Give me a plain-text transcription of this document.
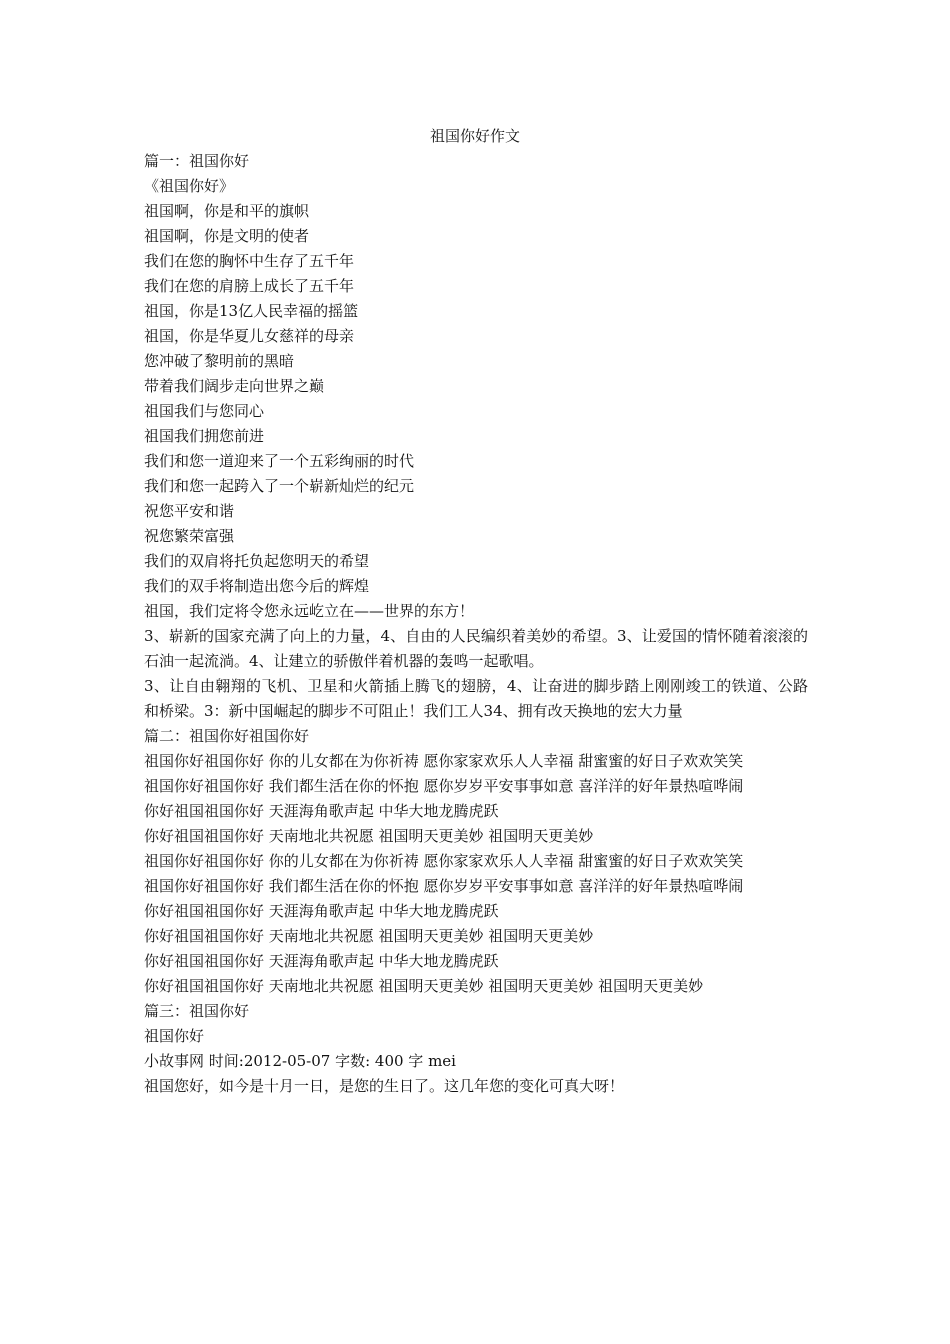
祖国你好作文

篇一：祖国你好

《祖国你好》

祖国啊，你是和平的旗帜

祖国啊，你是文明的使者

我们在您的胸怀中生存了五千年

我们在您的肩膀上成长了五千年

祖国，你是13亿人民幸福的摇篮

祖国，你是华夏儿女慈祥的母亲

您冲破了黎明前的黑暗

带着我们阔步走向世界之巅

祖国我们与您同心

祖国我们拥您前进

我们和您一道迎来了一个五彩绚丽的时代

我们和您一起跨入了一个崭新灿烂的纪元

祝您平安和谐

祝您繁荣富强

我们的双肩将托负起您明天的希望

我们的双手将制造出您今后的辉煌

祖国，我们定将令您永远屹立在——世界的东方！

3、崭新的国家充满了向上的力量，4、自由的人民编织着美妙的希望。3、让爱国的情怀随着滚滚的石油一起流淌。4、让建立的骄傲伴着机器的轰鸣一起歌唱。

3、让自由翱翔的飞机、卫星和火箭插上腾飞的翅膀，4、让奋进的脚步踏上刚刚竣工的铁道、公路和桥梁。3：新中国崛起的脚步不可阻止！我们工人34、拥有改天换地的宏大力量

篇二：祖国你好祖国你好

祖国你好祖国你好 你的儿女都在为你祈祷 愿你家家欢乐人人幸福 甜蜜蜜的好日子欢欢笑笑

祖国你好祖国你好 我们都生活在你的怀抱 愿你岁岁平安事事如意 喜洋洋的好年景热喧哗闹

你好祖国祖国你好 天涯海角歌声起 中华大地龙腾虎跃

你好祖国祖国你好 天南地北共祝愿 祖国明天更美妙 祖国明天更美妙

祖国你好祖国你好 你的儿女都在为你祈祷 愿你家家欢乐人人幸福 甜蜜蜜的好日子欢欢笑笑

祖国你好祖国你好 我们都生活在你的怀抱 愿你岁岁平安事事如意 喜洋洋的好年景热喧哗闹

你好祖国祖国你好 天涯海角歌声起 中华大地龙腾虎跃

你好祖国祖国你好 天南地北共祝愿 祖国明天更美妙 祖国明天更美妙

你好祖国祖国你好 天涯海角歌声起 中华大地龙腾虎跃

你好祖国祖国你好 天南地北共祝愿 祖国明天更美妙 祖国明天更美妙 祖国明天更美妙

篇三：祖国你好

祖国你好

小故事网 时间:2012-05-07 字数: 400 字 mei

祖国您好，如今是十月一日，是您的生日了。这几年您的变化可真大呀！
